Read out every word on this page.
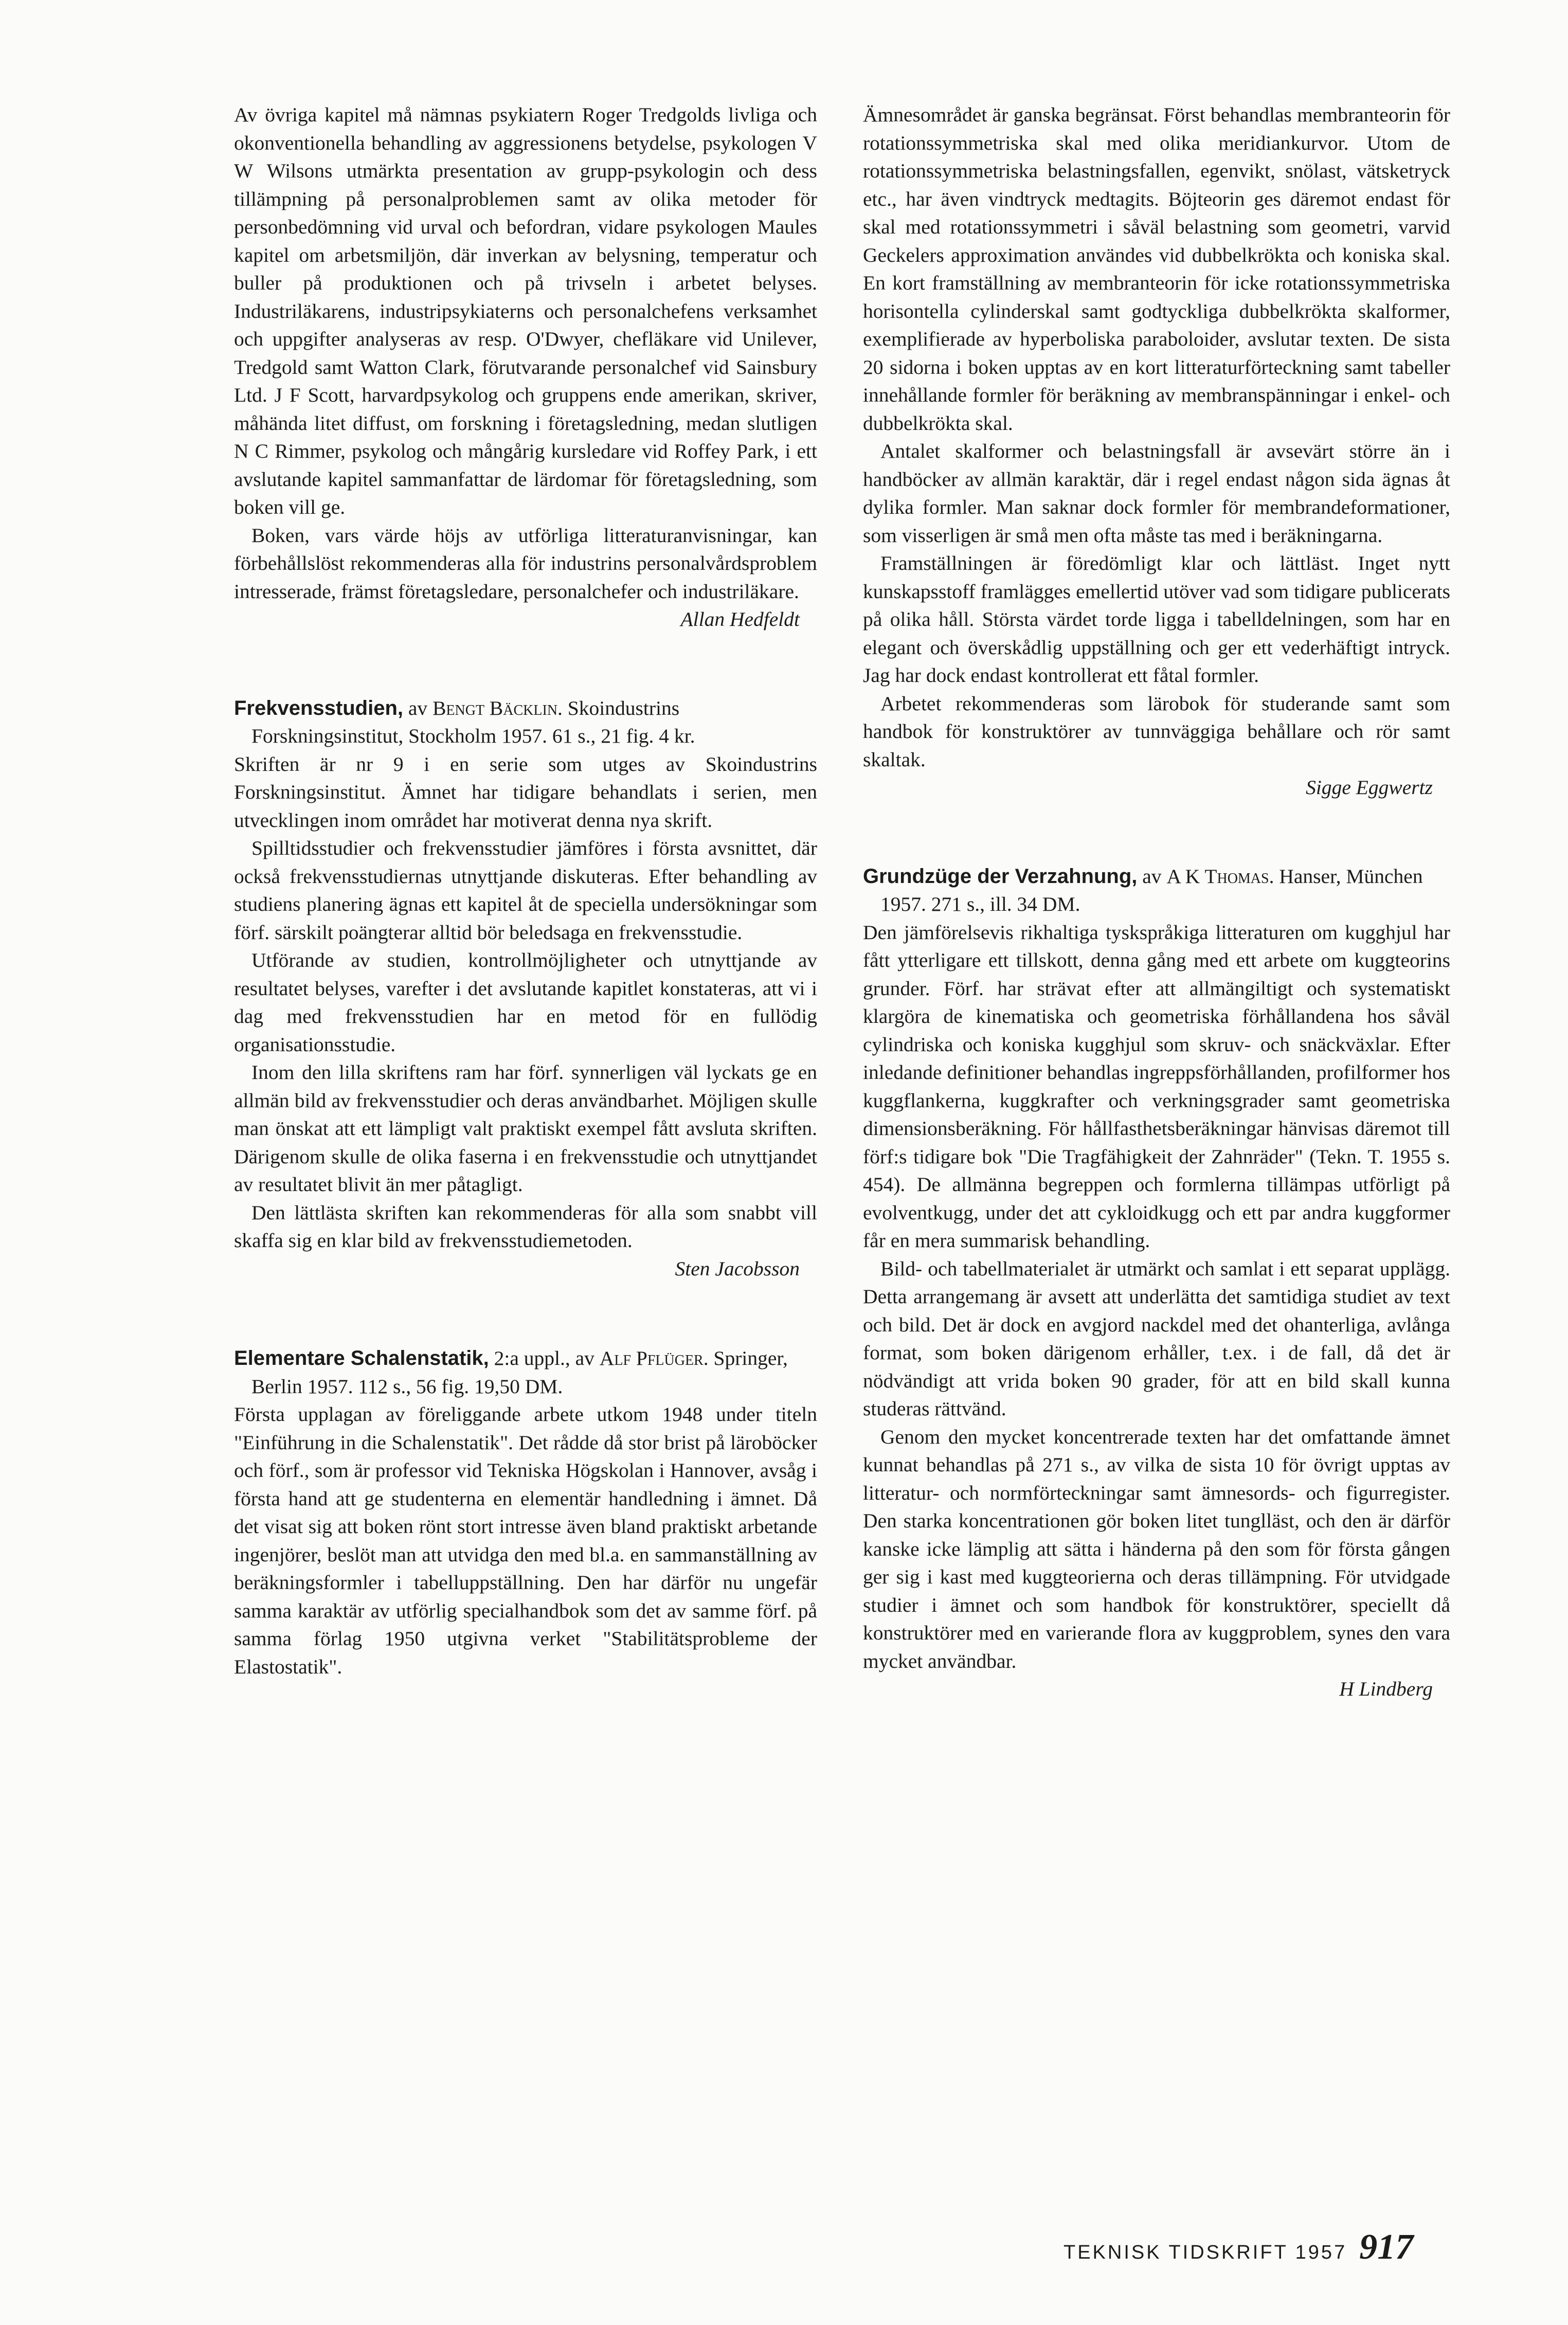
Av övriga kapitel må nämnas psykiatern Roger Tredgolds livliga och okonventionella behandling av aggressionens betydelse, psykologen V W Wilsons utmärkta presentation av grupp-psykologin och dess tillämpning på personalproblemen samt av olika metoder för personbedömning vid urval och befordran, vidare psykologen Maules kapitel om arbetsmiljön, där inverkan av belysning, temperatur och buller på produktionen och på trivseln i arbetet belyses. Industriläkarens, industripsykiaterns och personalchefens verksamhet och uppgifter analyseras av resp. O'Dwyer, chefläkare vid Unilever, Tredgold samt Watton Clark, förutvarande personalchef vid Sainsbury Ltd. J F Scott, harvardpsykolog och gruppens ende amerikan, skriver, måhända litet diffust, om forskning i företagsledning, medan slutligen N C Rimmer, psykolog och mångårig kursledare vid Roffey Park, i ett avslutande kapitel sammanfattar de lärdomar för företagsledning, som boken vill ge.

Boken, vars värde höjs av utförliga litteraturanvisningar, kan förbehållslöst rekommenderas alla för industrins personalvårdsproblem intresserade, främst företagsledare, personalchefer och industriläkare.

Allan Hedfeldt

Frekvensstudien, av Bengt Bäcklin. Skoindustrins Forskningsinstitut, Stockholm 1957. 61 s., 21 fig. 4 kr.

Skriften är nr 9 i en serie som utges av Skoindustrins Forskningsinstitut. Ämnet har tidigare behandlats i serien, men utvecklingen inom området har motiverat denna nya skrift.

Spilltidsstudier och frekvensstudier jämföres i första avsnittet, där också frekvensstudiernas utnyttjande diskuteras. Efter behandling av studiens planering ägnas ett kapitel åt de speciella undersökningar som förf. särskilt poängterar alltid bör beledsaga en frekvensstudie.

Utförande av studien, kontrollmöjligheter och utnyttjande av resultatet belyses, varefter i det avslutande kapitlet konstateras, att vi i dag med frekvensstudien har en metod för en fullödig organisationsstudie.

Inom den lilla skriftens ram har förf. synnerligen väl lyckats ge en allmän bild av frekvensstudier och deras användbarhet. Möjligen skulle man önskat att ett lämpligt valt praktiskt exempel fått avsluta skriften. Därigenom skulle de olika faserna i en frekvensstudie och utnyttjandet av resultatet blivit än mer påtagligt.

Den lättlästa skriften kan rekommenderas för alla som snabbt vill skaffa sig en klar bild av frekvensstudiemetoden.

Sten Jacobsson

Elementare Schalenstatik, 2:a uppl., av Alf Pflüger. Springer, Berlin 1957. 112 s., 56 fig. 19,50 DM.

Första upplagan av föreliggande arbete utkom 1948 under titeln "Einführung in die Schalenstatik". Det rådde då stor brist på läroböcker och förf., som är professor vid Tekniska Högskolan i Hannover, avsåg i första hand att ge studenterna en elementär handledning i ämnet. Då det visat sig att boken rönt stort intresse även bland praktiskt arbetande ingenjörer, beslöt man att utvidga den med bl.a. en sammanställning av beräkningsformler i tabelluppställning. Den har därför nu ungefär samma karaktär av utförlig specialhandbok som det av samme förf. på samma förlag 1950 utgivna verket "Stabilitätsprobleme der Elastostatik".

Ämnesområdet är ganska begränsat. Först behandlas membranteorin för rotationssymmetriska skal med olika meridiankurvor. Utom de rotationssymmetriska belastningsfallen, egenvikt, snölast, vätsketryck etc., har även vindtryck medtagits. Böjteorin ges däremot endast för skal med rotationssymmetri i såväl belastning som geometri, varvid Geckelers approximation användes vid dubbelkrökta och koniska skal. En kort framställning av membranteorin för icke rotationssymmetriska horisontella cylinderskal samt godtyckliga dubbelkrökta skalformer, exemplifierade av hyperboliska paraboloider, avslutar texten. De sista 20 sidorna i boken upptas av en kort litteraturförteckning samt tabeller innehållande formler för beräkning av membranspänningar i enkel- och dubbelkrökta skal.

Antalet skalformer och belastningsfall är avsevärt större än i handböcker av allmän karaktär, där i regel endast någon sida ägnas åt dylika formler. Man saknar dock formler för membrandeformationer, som visserligen är små men ofta måste tas med i beräkningarna.

Framställningen är föredömligt klar och lättläst. Inget nytt kunskapsstoff framlägges emellertid utöver vad som tidigare publicerats på olika håll. Största värdet torde ligga i tabelldelningen, som har en elegant och överskådlig uppställning och ger ett vederhäftigt intryck. Jag har dock endast kontrollerat ett fåtal formler.

Arbetet rekommenderas som lärobok för studerande samt som handbok för konstruktörer av tunnväggiga behållare och rör samt skaltak.

Sigge Eggwertz

Grundzüge der Verzahnung, av A K Thomas. Hanser, München 1957. 271 s., ill. 34 DM.

Den jämförelsevis rikhaltiga tyskspråkiga litteraturen om kugghjul har fått ytterligare ett tillskott, denna gång med ett arbete om kuggteorins grunder. Förf. har strävat efter att allmängiltigt och systematiskt klargöra de kinematiska och geometriska förhållandena hos såväl cylindriska och koniska kugghjul som skruv- och snäckväxlar. Efter inledande definitioner behandlas ingreppsförhållanden, profilformer hos kuggflankerna, kuggkrafter och verkningsgrader samt geometriska dimensionsberäkning. För hållfasthetsberäkningar hänvisas däremot till förf:s tidigare bok "Die Tragfähigkeit der Zahnräder" (Tekn. T. 1955 s. 454). De allmänna begreppen och formlerna tillämpas utförligt på evolventkugg, under det att cykloidkugg och ett par andra kuggformer får en mera summarisk behandling.

Bild- och tabellmaterialet är utmärkt och samlat i ett separat upplägg. Detta arrangemang är avsett att underlätta det samtidiga studiet av text och bild. Det är dock en avgjord nackdel med det ohanterliga, avlånga format, som boken därigenom erhåller, t.ex. i de fall, då det är nödvändigt att vrida boken 90 grader, för att en bild skall kunna studeras rättvänd.

Genom den mycket koncentrerade texten har det omfattande ämnet kunnat behandlas på 271 s., av vilka de sista 10 för övrigt upptas av litteratur- och normförteckningar samt ämnesords- och figurregister. Den starka koncentrationen gör boken litet tunglläst, och den är därför kanske icke lämplig att sätta i händerna på den som för första gången ger sig i kast med kuggteorierna och deras tillämpning. För utvidgade studier i ämnet och som handbok för konstruktörer, speciellt då konstruktörer med en varierande flora av kuggproblem, synes den vara mycket användbar.

H Lindberg
TEKNISK TIDSKRIFT 1957 917
